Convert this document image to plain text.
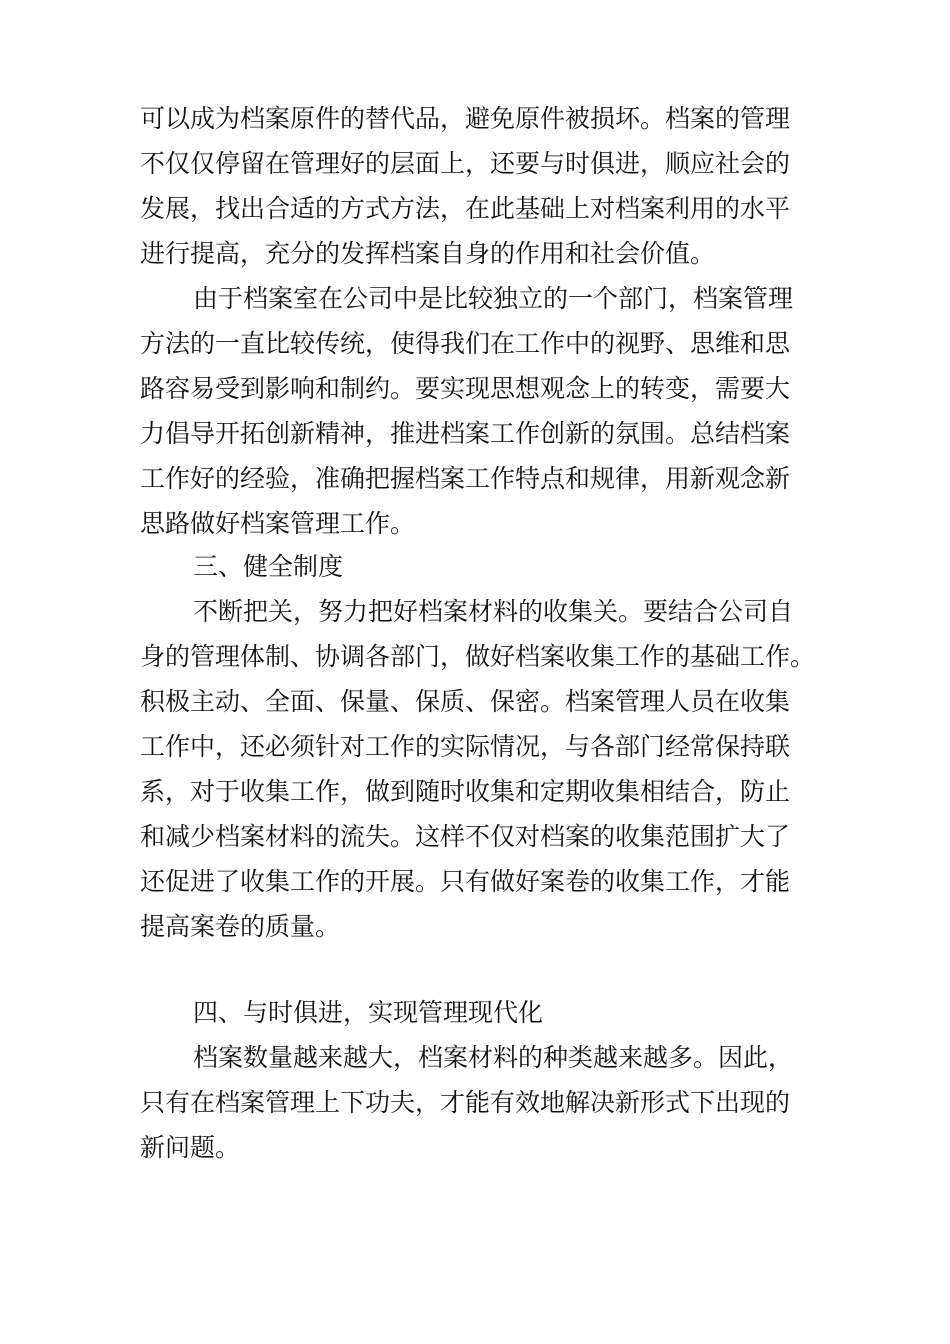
可以成为档案原件的替代品，避免原件被损坏。档案的管理

不仅仅停留在管理好的层面上，还要与时俱进，顺应社会的

发展，找出合适的方式方法，在此基础上对档案利用的水平

进行提高，充分的发挥档案自身的作用和社会价值。

由于档案室在公司中是比较独立的一个部门，档案管理

方法的一直比较传统，使得我们在工作中的视野、思维和思

路容易受到影响和制约。要实现思想观念上的转变，需要大

力倡导开拓创新精神，推进档案工作创新的氛围。总结档案

工作好的经验，准确把握档案工作特点和规律，用新观念新

思路做好档案管理工作。

三、健全制度

不断把关，努力把好档案材料的收集关。要结合公司自

身的管理体制、协调各部门，做好档案收集工作的基础工作。

积极主动、全面、保量、保质、保密。档案管理人员在收集

工作中，还必须针对工作的实际情况，与各部门经常保持联

系，对于收集工作，做到随时收集和定期收集相结合，防止

和减少档案材料的流失。这样不仅对档案的收集范围扩大了

还促进了收集工作的开展。只有做好案卷的收集工作，才能

提高案卷的质量。

四、与时俱进，实现管理现代化

档案数量越来越大，档案材料的种类越来越多。因此，

只有在档案管理上下功夫，才能有效地解决新形式下出现的

新问题。
